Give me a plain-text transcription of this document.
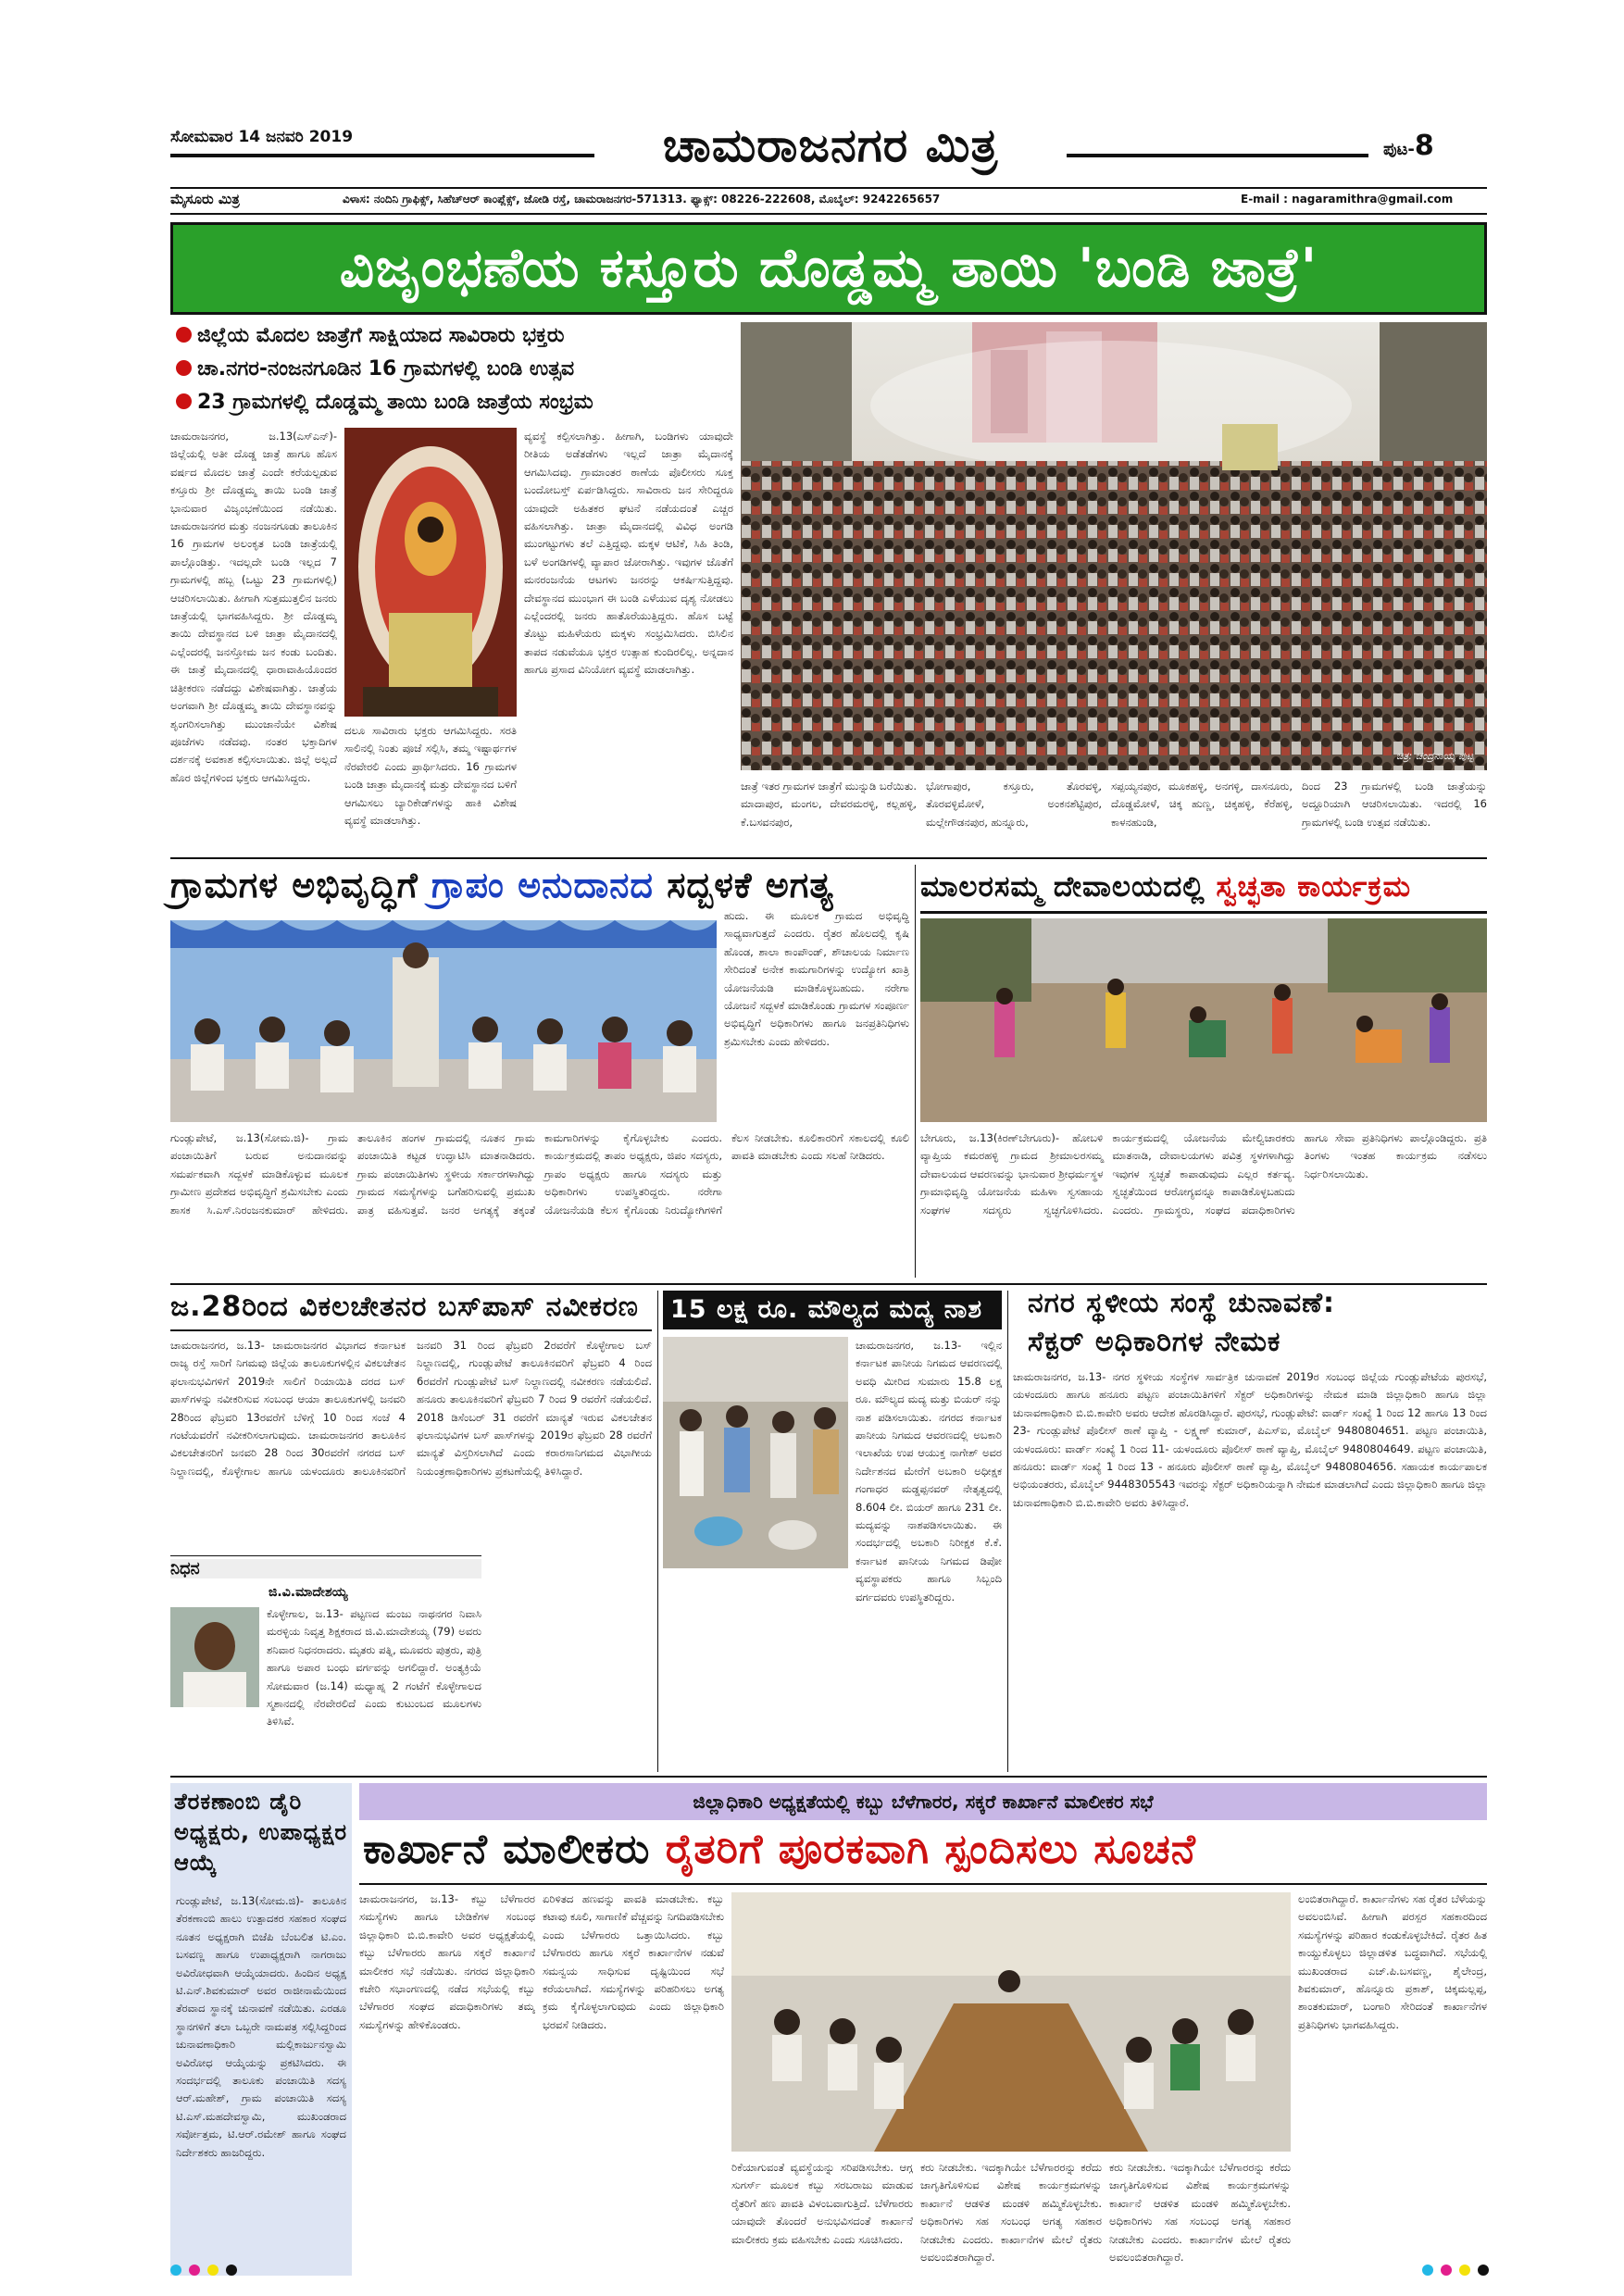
ಸೋಮವಾರ 14 ಜನವರಿ 2019	ಚಾಮರಾಜನಗರ ಮಿತ್ರ	ಪುಟ-8
ಮೈಸೂರು ಮಿತ್ರ	ವಿಳಾಸ: ನಂದಿನಿ ಗ್ರಾಫಿಕ್ಸ್, ಸಿಹೆಚ್‌ಆರ್ ಕಾಂಪ್ಲೆಕ್ಸ್, ಜೋಡಿ ರಸ್ತೆ, ಚಾಮರಾಜನಗರ-571313. ಫ್ಯಾಕ್ಸ್: 08226-222608, ಮೊಬೈಲ್: 9242265657	E-mail : nagaramithra@gmail.com
ವಿಜೃಂಭಣೆಯ ಕಸ್ತೂರು ದೊಡ್ಡಮ್ಮ ತಾಯಿ 'ಬಂಡಿ ಜಾತ್ರೆ'
ಜಿಲ್ಲೆಯ ಮೊದಲ ಜಾತ್ರೆಗೆ ಸಾಕ್ಷಿಯಾದ ಸಾವಿರಾರು ಭಕ್ತರು
ಚಾ.ನಗರ-ನಂಜನಗೂಡಿನ 16 ಗ್ರಾಮಗಳಲ್ಲಿ ಬಂಡಿ ಉತ್ಸವ
23 ಗ್ರಾಮಗಳಲ್ಲಿ ದೊಡ್ಡಮ್ಮ ತಾಯಿ ಬಂಡಿ ಜಾತ್ರೆಯ ಸಂಭ್ರಮ
ಚಿತ್ರ: ಚಂದ್ರನಾಯ್ಕ ಪುಟ್ಟ
ಚಾಮರಾಜನಗರ, ಜ.13(ಎಸ್‌ಎನ್)- ಜಿಲ್ಲೆಯಲ್ಲಿ ಅತೀ ದೊಡ್ಡ ಜಾತ್ರೆ ಹಾಗೂ ಹೊಸ ವರ್ಷದ ಮೊದಲ ಜಾತ್ರೆ ಎಂದೇ ಕರೆಯಲ್ಪಡುವ ಕಸ್ತೂರು ಶ್ರೀ ದೊಡ್ಡಮ್ಮ ತಾಯಿ ಬಂಡಿ ಜಾತ್ರೆ ಭಾನುವಾರ ವಿಜೃಂಭಣೆಯಿಂದ ನಡೆಯಿತು. ಚಾಮರಾಜನಗರ ಮತ್ತು ನಂಜನಗೂಡು ತಾಲೂಕಿನ 16 ಗ್ರಾಮಗಳ ಅಲಂಕೃತ ಬಂಡಿ ಜಾತ್ರೆಯಲ್ಲಿ ಪಾಲ್ಗೊಂಡಿತ್ತು. ಇದಲ್ಲದೇ ಬಂಡಿ ಇಲ್ಲದ 7 ಗ್ರಾಮಗಳಲ್ಲಿ ಹಬ್ಬ (ಒಟ್ಟು 23 ಗ್ರಾಮಗಳಲ್ಲಿ) ಆಚರಿಸಲಾಯಿತು. ಹೀಗಾಗಿ ಸುತ್ತಮುತ್ತಲಿನ ಜನರು ಜಾತ್ರೆಯಲ್ಲಿ ಭಾಗವಹಿಸಿದ್ದರು. ಶ್ರೀ ದೊಡ್ಡಮ್ಮ ತಾಯಿ ದೇವಸ್ಥಾನದ ಬಳಿ ಜಾತ್ರಾ ಮೈದಾನದಲ್ಲಿ ಎಲ್ಲೆಂದರಲ್ಲಿ ಜನಸ್ತೋಮ ಜನ ಕಂಡು ಬಂದಿತು. ಈ ಜಾತ್ರೆ ಮೈದಾನದಲ್ಲಿ ಧಾರಾವಾಹಿಯೊಂದರ ಚಿತ್ರೀಕರಣ ನಡೆದದ್ದು ವಿಶೇಷವಾಗಿತ್ತು. ಜಾತ್ರೆಯ ಅಂಗವಾಗಿ ಶ್ರೀ ದೊಡ್ಡಮ್ಮ ತಾಯಿ ದೇವಸ್ಥಾನವನ್ನು ಶೃಂಗರಿಸಲಾಗಿತ್ತು ಮುಂಜಾನೆಯೇ ವಿಶೇಷ ಪೂಜೆಗಳು ನಡೆದವು. ನಂತರ ಭಕ್ತಾದಿಗಳ ದರ್ಶನಕ್ಕೆ ಅವಕಾಶ ಕಲ್ಪಿಸಲಾಯಿತು. ಜಿಲ್ಲೆ ಅಲ್ಲದೆ ಹೊರ ಜಿಲ್ಲೆಗಳಿಂದ ಭಕ್ತರು ಆಗಮಿಸಿದ್ದರು.
ದಲೂ ಸಾವಿರಾರು ಭಕ್ತರು ಆಗಮಿಸಿದ್ದರು. ಸರತಿ ಸಾಲಿನಲ್ಲಿ ನಿಂತು ಪೂಜೆ ಸಲ್ಲಿಸಿ, ತಮ್ಮ ಇಷ್ಟಾರ್ಥಗಳ ನೆರವೇರಲಿ ಎಂದು ಪ್ರಾರ್ಥಿಸಿದರು. 16 ಗ್ರಾಮಗಳ ಬಂಡಿ ಜಾತ್ರಾ ಮೈದಾನಕ್ಕೆ ಮತ್ತು ದೇವಸ್ಥಾನದ ಬಳಿಗೆ ಆಗಮಿಸಲು ಬ್ಯಾರಿಕೇಡ್‌ಗಳನ್ನು ಹಾಕಿ ವಿಶೇಷ ವ್ಯವಸ್ಥೆ ಮಾಡಲಾಗಿತ್ತು.
ವ್ಯವಸ್ಥೆ ಕಲ್ಪಿಸಲಾಗಿತ್ತು. ಹೀಗಾಗಿ, ಬಂಡಿಗಳು ಯಾವುದೇ ರೀತಿಯ ಅಡೆತಡೆಗಳು ಇಲ್ಲದೆ ಜಾತ್ರಾ ಮೈದಾನಕ್ಕೆ ಆಗಮಿಸಿದವು. ಗ್ರಾಮಾಂತರ ಠಾಣೆಯ ಪೊಲೀಸರು ಸೂಕ್ತ ಬಂದೋಬಸ್ತ್ ಏರ್ಪಡಿಸಿದ್ದರು. ಸಾವಿರಾರು ಜನ ಸೇರಿದ್ದರೂ ಯಾವುದೇ ಅಹಿತಕರ ಘಟನೆ ನಡೆಯದಂತೆ ಎಚ್ಚರ ವಹಿಸಲಾಗಿತ್ತು. ಜಾತ್ರಾ ಮೈದಾನದಲ್ಲಿ ವಿವಿಧ ಅಂಗಡಿ ಮುಂಗಟ್ಟುಗಳು ತಲೆ ಎತ್ತಿದ್ದವು. ಮಕ್ಕಳ ಆಟಿಕೆ, ಸಿಹಿ ತಿಂಡಿ, ಬಳೆ ಅಂಗಡಿಗಳಲ್ಲಿ ವ್ಯಾಪಾರ ಜೋರಾಗಿತ್ತು. ಇವುಗಳ ಜೊತೆಗೆ ಮನರಂಜನೆಯ ಆಟಗಳು ಜನರನ್ನು ಆಕರ್ಷಿಸುತ್ತಿದ್ದವು. ದೇವಸ್ಥಾನದ ಮುಂಭಾಗ ಈ ಬಂಡಿ ಎಳೆಯುವ ದೃಶ್ಯ ನೋಡಲು ಎಲ್ಲೆಂದರಲ್ಲಿ ಜನರು ಹಾತೊರೆಯುತ್ತಿದ್ದರು. ಹೊಸ ಬಟ್ಟೆ ತೊಟ್ಟು ಮಹಿಳೆಯರು ಮಕ್ಕಳು ಸಂಭ್ರಮಿಸಿದರು. ಬಿಸಿಲಿನ ತಾಪದ ನಡುವೆಯೂ ಭಕ್ತರ ಉತ್ಸಾಹ ಕುಂದಿರಲಿಲ್ಲ. ಅನ್ನದಾನ ಹಾಗೂ ಪ್ರಸಾದ ವಿನಿಯೋಗ ವ್ಯವಸ್ಥೆ ಮಾಡಲಾಗಿತ್ತು.
ಜಾತ್ರೆ ಇತರ ಗ್ರಾಮಗಳ ಜಾತ್ರೆಗೆ ಮುನ್ನುಡಿ ಬರೆಯಿತು. ಮಾದಾಪುರ, ಮಂಗಲ, ದೇವರಮರಳ್ಳಿ, ಕಲ್ಲಹಳ್ಳಿ, ಕೆ.ಬಸವನಪುರ,
ಭೋಗಾಪುರ, ಕಸ್ತೂರು, ತೊರವಳ್ಳಿ, ತೊರವಳ್ಳಿಮೋಳೆ, ಅಂಕನಶೆಟ್ಟಿಪುರ, ಮಲ್ಲೇಗೌಡನಪುರ, ಹುನ್ನೂರು,
ಸಪ್ಪಯ್ಯನಪುರ, ಮೂಕಹಳ್ಳಿ, ಅನಗಳ್ಳಿ, ದಾಸನೂರು, ದೊಡ್ಡಮೋಳೆ, ಚಿಕ್ಕ ಹುಣ್ಣ, ಚಿಕ್ಕಹಳ್ಳಿ, ಕೆರೆಹಳ್ಳಿ, ಕಾಳನಹುಂಡಿ,
ದಿಂದ 23 ಗ್ರಾಮಗಳಲ್ಲಿ ಬಂಡಿ ಜಾತ್ರೆಯನ್ನು ಅದ್ದೂರಿಯಾಗಿ ಆಚರಿಸಲಾಯಿತು. ಇದರಲ್ಲಿ 16 ಗ್ರಾಮಗಳಲ್ಲಿ ಬಂಡಿ ಉತ್ಸವ ನಡೆಯಿತು.
ಗ್ರಾಮಗಳ ಅಭಿವೃದ್ಧಿಗೆ ಗ್ರಾಪಂ ಅನುದಾನದ ಸದ್ಬಳಕೆ ಅಗತ್ಯ
ಹುದು. ಈ ಮೂಲಕ ಗ್ರಾಮದ ಅಭಿವೃದ್ಧಿ ಸಾಧ್ಯವಾಗುತ್ತದೆ ಎಂದರು. ರೈತರ ಹೊಲದಲ್ಲಿ ಕೃಷಿ ಹೊಂಡ, ಶಾಲಾ ಕಾಂಪೌಂಡ್, ಶೌಚಾಲಯ ನಿರ್ಮಾಣ ಸೇರಿದಂತೆ ಅನೇಕ ಕಾಮಗಾರಿಗಳನ್ನು ಉದ್ಯೋಗ ಖಾತ್ರಿ ಯೋಜನೆಯಡಿ ಮಾಡಿಕೊಳ್ಳಬಹುದು. ನರೇಗಾ ಯೋಜನೆ ಸದ್ಬಳಕೆ ಮಾಡಿಕೊಂಡು ಗ್ರಾಮಗಳ ಸಂಪೂರ್ಣ ಅಭಿವೃದ್ಧಿಗೆ ಅಧಿಕಾರಿಗಳು ಹಾಗೂ ಜನಪ್ರತಿನಿಧಿಗಳು ಶ್ರಮಿಸಬೇಕು ಎಂದು ಹೇಳಿದರು.
ಗುಂಡ್ಲುಪೇಟೆ, ಜ.13(ಸೋಮ.ಜಿ)- ಗ್ರಾಮ ಪಂಚಾಯಿತಿಗೆ ಬರುವ ಅನುದಾನವನ್ನು ಸಮರ್ಪಕವಾಗಿ ಸದ್ಬಳಕೆ ಮಾಡಿಕೊಳ್ಳುವ ಮೂಲಕ ಗ್ರಾಮೀಣ ಪ್ರದೇಶದ ಅಭಿವೃದ್ಧಿಗೆ ಶ್ರಮಿಸಬೇಕು ಎಂದು ಶಾಸಕ ಸಿ.ಎಸ್.ನಿರಂಜನಕುಮಾರ್ ಹೇಳಿದರು. ತಾಲೂಕಿನ ಹಂಗಳ ಗ್ರಾಮದಲ್ಲಿ ನೂತನ ಗ್ರಾಮ ಪಂಚಾಯಿತಿ ಕಟ್ಟಡ ಉದ್ಘಾಟಿಸಿ ಮಾತನಾಡಿದರು. ಗ್ರಾಮ ಪಂಚಾಯಿತಿಗಳು ಸ್ಥಳೀಯ ಸರ್ಕಾರಗಳಾಗಿದ್ದು ಗ್ರಾಮದ ಸಮಸ್ಯೆಗಳನ್ನು ಬಗೆಹರಿಸುವಲ್ಲಿ ಪ್ರಮುಖ ಪಾತ್ರ ವಹಿಸುತ್ತವೆ. ಜನರ ಅಗತ್ಯಕ್ಕೆ ತಕ್ಕಂತೆ ಕಾಮಗಾರಿಗಳನ್ನು ಕೈಗೊಳ್ಳಬೇಕು ಎಂದರು. ಕಾರ್ಯಕ್ರಮದಲ್ಲಿ ತಾಪಂ ಅಧ್ಯಕ್ಷರು, ಜಿಪಂ ಸದಸ್ಯರು, ಗ್ರಾಪಂ ಅಧ್ಯಕ್ಷರು ಹಾಗೂ ಸದಸ್ಯರು ಮತ್ತು ಅಧಿಕಾರಿಗಳು ಉಪಸ್ಥಿತರಿದ್ದರು. ನರೇಗಾ ಯೋಜನೆಯಡಿ ಕೆಲಸ ಕೈಗೊಂಡು ನಿರುದ್ಯೋಗಿಗಳಿಗೆ ಕೆಲಸ ನೀಡಬೇಕು. ಕೂಲಿಕಾರರಿಗೆ ಸಕಾಲದಲ್ಲಿ ಕೂಲಿ ಪಾವತಿ ಮಾಡಬೇಕು ಎಂದು ಸಲಹೆ ನೀಡಿದರು.
ಮಾಲರಸಮ್ಮ ದೇವಾಲಯದಲ್ಲಿ ಸ್ವಚ್ಛತಾ ಕಾರ್ಯಕ್ರಮ
ಬೇಗೂರು, ಜ.13(ಕಿರಣ್‌ಬೇಗೂರು)- ಹೋಬಳಿ ವ್ಯಾಪ್ತಿಯ ಕಮರಹಳ್ಳಿ ಗ್ರಾಮದ ಶ್ರೀಮಾಲರಸಮ್ಮ ದೇವಾಲಯದ ಆವರಣವನ್ನು ಭಾನುವಾರ ಶ್ರೀಧರ್ಮಸ್ಥಳ ಗ್ರಾಮಾಭಿವೃದ್ಧಿ ಯೋಜನೆಯ ಮಹಿಳಾ ಸ್ವಸಹಾಯ ಸಂಘಗಳ ಸದಸ್ಯರು ಸ್ವಚ್ಛಗೊಳಿಸಿದರು. ಕಾರ್ಯಕ್ರಮದಲ್ಲಿ ಯೋಜನೆಯ ಮೇಲ್ವಿಚಾರಕರು ಮಾತನಾಡಿ, ದೇವಾಲಯಗಳು ಪವಿತ್ರ ಸ್ಥಳಗಳಾಗಿದ್ದು ಇವುಗಳ ಸ್ವಚ್ಛತೆ ಕಾಪಾಡುವುದು ಎಲ್ಲರ ಕರ್ತವ್ಯ. ಸ್ವಚ್ಛತೆಯಿಂದ ಆರೋಗ್ಯವನ್ನೂ ಕಾಪಾಡಿಕೊಳ್ಳಬಹುದು ಎಂದರು. ಗ್ರಾಮಸ್ಥರು, ಸಂಘದ ಪದಾಧಿಕಾರಿಗಳು ಹಾಗೂ ಸೇವಾ ಪ್ರತಿನಿಧಿಗಳು ಪಾಲ್ಗೊಂಡಿದ್ದರು. ಪ್ರತಿ ತಿಂಗಳು ಇಂತಹ ಕಾರ್ಯಕ್ರಮ ನಡೆಸಲು ನಿರ್ಧರಿಸಲಾಯಿತು.
ಜ.28ರಿಂದ ವಿಕಲಚೇತನರ ಬಸ್‌ಪಾಸ್ ನವೀಕರಣ
ಚಾಮರಾಜನಗರ, ಜ.13- ಚಾಮರಾಜನಗರ ವಿಭಾಗದ ಕರ್ನಾಟಕ ರಾಜ್ಯ ರಸ್ತೆ ಸಾರಿಗೆ ನಿಗಮವು ಜಿಲ್ಲೆಯ ತಾಲೂಕುಗಳಲ್ಲಿನ ವಿಕಲಚೇತನ ಫಲಾನುಭವಿಗಳಿಗೆ 2019ನೇ ಸಾಲಿಗೆ ರಿಯಾಯಿತಿ ದರದ ಬಸ್ ಪಾಸ್‌ಗಳನ್ನು ನವೀಕರಿಸುವ ಸಂಬಂಧ ಆಯಾ ತಾಲೂಕುಗಳಲ್ಲಿ ಜನವರಿ 28ರಿಂದ ಫೆಬ್ರವರಿ 13ರವರೆಗೆ ಬೆಳಿಗ್ಗೆ 10 ರಿಂದ ಸಂಜೆ 4 ಗಂಟೆಯವರೆಗೆ ನವೀಕರಿಸಲಾಗುವುದು. ಚಾಮರಾಜನಗರ ತಾಲೂಕಿನ ವಿಕಲಚೇತನರಿಗೆ ಜನವರಿ 28 ರಿಂದ 30ರವರೆಗೆ ನಗರದ ಬಸ್ ನಿಲ್ದಾಣದಲ್ಲಿ, ಕೊಳ್ಳೇಗಾಲ ಹಾಗೂ ಯಳಂದೂರು ತಾಲೂಕಿನವರಿಗೆ ಜನವರಿ 31 ರಿಂದ ಫೆಬ್ರವರಿ 2ರವರೆಗೆ ಕೊಳ್ಳೇಗಾಲ ಬಸ್ ನಿಲ್ದಾಣದಲ್ಲಿ, ಗುಂಡ್ಲುಪೇಟೆ ತಾಲೂಕಿನವರಿಗೆ ಫೆಬ್ರವರಿ 4 ರಿಂದ 6ರವರೆಗೆ ಗುಂಡ್ಲುಪೇಟೆ ಬಸ್ ನಿಲ್ದಾಣದಲ್ಲಿ ನವೀಕರಣ ನಡೆಯಲಿದೆ. ಹನೂರು ತಾಲೂಕಿನವರಿಗೆ ಫೆಬ್ರವರಿ 7 ರಿಂದ 9 ರವರೆಗೆ ನಡೆಯಲಿದೆ. 2018 ಡಿಸೆಂಬರ್ 31 ರವರೆಗೆ ಮಾನ್ಯತೆ ಇರುವ ವಿಕಲಚೇತನ ಫಲಾನುಭವಿಗಳ ಬಸ್ ಪಾಸ್‌ಗಳನ್ನು 2019ರ ಫೆಬ್ರವರಿ 28 ರವರೆಗೆ ಮಾನ್ಯತೆ ವಿಸ್ತರಿಸಲಾಗಿದೆ ಎಂದು ಕರಾರಸಾನಿಗಮದ ವಿಭಾಗೀಯ ನಿಯಂತ್ರಣಾಧಿಕಾರಿಗಳು ಪ್ರಕಟಣೆಯಲ್ಲಿ ತಿಳಿಸಿದ್ದಾರೆ.
ನಿಧನ
ಜಿ.ವಿ.ಮಾದೇಶಯ್ಯ
ಕೊಳ್ಳೇಗಾಲ, ಜ.13- ಪಟ್ಟಣದ ಮಂಜು ನಾಥನಗರ ನಿವಾಸಿ ಮರಳ್ಳಿಯ ನಿವೃತ್ತ ಶಿಕ್ಷಕರಾದ ಜಿ.ವಿ.ಮಾದೇಶಯ್ಯ (79) ಅವರು ಶನಿವಾರ ನಿಧನರಾದರು. ಮೃತರು ಪತ್ನಿ, ಮೂವರು ಪುತ್ರರು, ಪುತ್ರಿ ಹಾಗೂ ಅಪಾರ ಬಂಧು ವರ್ಗವನ್ನು ಅಗಲಿದ್ದಾರೆ. ಅಂತ್ಯಕ್ರಿಯೆ ಸೋಮವಾರ (ಜ.14) ಮಧ್ಯಾಹ್ನ 2 ಗಂಟೆಗೆ ಕೊಳ್ಳೇಗಾಲದ ಸ್ಮಶಾನದಲ್ಲಿ ನೆರವೇರಲಿದೆ ಎಂದು ಕುಟುಂಬದ ಮೂಲಗಳು ತಿಳಿಸಿವೆ.
15 ಲಕ್ಷ ರೂ. ಮೌಲ್ಯದ ಮದ್ಯ ನಾಶ
ಚಾಮರಾಜನಗರ, ಜ.13- ಇಲ್ಲಿನ ಕರ್ನಾಟಕ ಪಾನೀಯ ನಿಗಮದ ಆವರಣದಲ್ಲಿ ಅವಧಿ ಮೀರಿದ ಸುಮಾರು 15.8 ಲಕ್ಷ ರೂ. ಮೌಲ್ಯದ ಮದ್ಯ ಮತ್ತು ಬಿಯರ್ ನನ್ನು ನಾಶ ಪಡಿಸಲಾಯಿತು. ನಗರದ ಕರ್ನಾಟಕ ಪಾನೀಯ ನಿಗಮದ ಆವರಣದಲ್ಲಿ ಅಬಕಾರಿ ಇಲಾಖೆಯ ಉಪ ಆಯುಕ್ತ ನಾಗೇಶ್ ಅವರ ನಿರ್ದೇಶನದ ಮೇರೆಗೆ ಅಬಕಾರಿ ಅಧೀಕ್ಷಕ ಗಂಗಾಧರ ಮಡ್ಡಪ್ಪನವರ್ ನೇತೃತ್ವದಲ್ಲಿ 8.604 ಲೀ. ಬಿಯರ್ ಹಾಗೂ 231 ಲೀ. ಮದ್ಯವನ್ನು ನಾಶಪಡಿಸಲಾಯಿತು. ಈ ಸಂದರ್ಭದಲ್ಲಿ ಅಬಕಾರಿ ನಿರೀಕ್ಷಕ ಕೆ.ಕೆ. ಕರ್ನಾಟಕ ಪಾನೀಯ ನಿಗಮದ ಡಿಪೋ ವ್ಯವಸ್ಥಾಪಕರು ಹಾಗೂ ಸಿಬ್ಬಂದಿ ವರ್ಗದವರು ಉಪಸ್ಥಿತರಿದ್ದರು.
ನಗರ ಸ್ಥಳೀಯ ಸಂಸ್ಥೆ ಚುನಾವಣೆ:
ಸೆಕ್ಟರ್ ಅಧಿಕಾರಿಗಳ ನೇಮಕ
ಚಾಮರಾಜನಗರ, ಜ.13- ನಗರ ಸ್ಥಳೀಯ ಸಂಸ್ಥೆಗಳ ಸಾರ್ವತ್ರಿಕ ಚುನಾವಣೆ 2019ರ ಸಂಬಂಧ ಜಿಲ್ಲೆಯ ಗುಂಡ್ಲುಪೇಟೆಯ ಪುರಸಭೆ, ಯಳಂದೂರು ಹಾಗೂ ಹನೂರು ಪಟ್ಟಣ ಪಂಚಾಯಿತಿಗಳಿಗೆ ಸೆಕ್ಟರ್ ಅಧಿಕಾರಿಗಳನ್ನು ನೇಮಕ ಮಾಡಿ ಜಿಲ್ಲಾಧಿಕಾರಿ ಹಾಗೂ ಜಿಲ್ಲಾ ಚುನಾವಣಾಧಿಕಾರಿ ಬಿ.ಬಿ.ಕಾವೇರಿ ಅವರು ಆದೇಶ ಹೊರಡಿಸಿದ್ದಾರೆ. ಪುರಸಭೆ, ಗುಂಡ್ಲುಪೇಟೆ: ವಾರ್ಡ್ ಸಂಖ್ಯೆ 1 ರಿಂದ 12 ಹಾಗೂ 13 ರಿಂದ 23- ಗುಂಡ್ಲುಪೇಟೆ ಪೊಲೀಸ್ ಠಾಣೆ ವ್ಯಾಪ್ತಿ - ಲಕ್ಷ್ಮಣ್ ಕುಮಾರ್, ಪಿಎಸ್‌ಐ, ಮೊಬೈಲ್ 9480804651. ಪಟ್ಟಣ ಪಂಚಾಯಿತಿ, ಯಳಂದೂರು: ವಾರ್ಡ್ ಸಂಖ್ಯೆ 1 ರಿಂದ 11- ಯಳಂದೂರು ಪೊಲೀಸ್ ಠಾಣೆ ವ್ಯಾಪ್ತಿ, ಮೊಬೈಲ್ 9480804649. ಪಟ್ಟಣ ಪಂಚಾಯಿತಿ, ಹನೂರು: ವಾರ್ಡ್ ಸಂಖ್ಯೆ 1 ರಿಂದ 13 - ಹನೂರು ಪೊಲೀಸ್ ಠಾಣೆ ವ್ಯಾಪ್ತಿ, ಮೊಬೈಲ್ 9480804656. ಸಹಾಯಕ ಕಾರ್ಯಪಾಲಕ ಅಭಿಯಂತರರು, ಮೊಬೈಲ್ 9448305543 ಇವರನ್ನು ಸೆಕ್ಟರ್ ಅಧಿಕಾರಿಯನ್ನಾಗಿ ನೇಮಕ ಮಾಡಲಾಗಿದೆ ಎಂದು ಜಿಲ್ಲಾಧಿಕಾರಿ ಹಾಗೂ ಜಿಲ್ಲಾ ಚುನಾವಣಾಧಿಕಾರಿ ಬಿ.ಬಿ.ಕಾವೇರಿ ಅವರು ತಿಳಿಸಿದ್ದಾರೆ.
ತೆರಕಣಾಂಬಿ ಡೈರಿ ಅಧ್ಯಕ್ಷರು, ಉಪಾಧ್ಯಕ್ಷರ ಆಯ್ಕೆ
ಗುಂಡ್ಲುಪೇಟೆ, ಜ.13(ಸೋಮ.ಜಿ)- ತಾಲೂಕಿನ ತೆರಕಣಾಂಬಿ ಹಾಲು ಉತ್ಪಾದಕರ ಸಹಕಾರ ಸಂಘದ ನೂತನ ಅಧ್ಯಕ್ಷರಾಗಿ ಬಿಜೆಪಿ ಬೆಂಬಲಿತ ಟಿ.ಎಂ. ಬಸವಣ್ಣ ಹಾಗೂ ಉಪಾಧ್ಯಕ್ಷರಾಗಿ ನಾಗರಾಜು ಅವಿರೋಧವಾಗಿ ಆಯ್ಕೆಯಾದರು. ಹಿಂದಿನ ಅಧ್ಯಕ್ಷ ಟಿ.ಎನ್.ಶಿವಕುಮಾರ್ ಅವರ ರಾಜೀನಾಮೆಯಿಂದ ತೆರವಾದ ಸ್ಥಾನಕ್ಕೆ ಚುನಾವಣೆ ನಡೆಯಿತು. ಎರಡೂ ಸ್ಥಾನಗಳಿಗೆ ತಲಾ ಒಬ್ಬರೇ ನಾಮಪತ್ರ ಸಲ್ಲಿಸಿದ್ದರಿಂದ ಚುನಾವಣಾಧಿಕಾರಿ ಮಲ್ಲಿಕಾರ್ಜುನಸ್ವಾಮಿ ಅವಿರೋಧ ಆಯ್ಕೆಯನ್ನು ಪ್ರಕಟಿಸಿದರು. ಈ ಸಂದರ್ಭದಲ್ಲಿ ತಾಲೂಕು ಪಂಚಾಯಿತಿ ಸದಸ್ಯ ಆರ್.ಮಹೇಶ್, ಗ್ರಾಮ ಪಂಚಾಯಿತಿ ಸದಸ್ಯ ಟಿ.ಎಸ್.ಮಹದೇವಸ್ವಾಮಿ, ಮುಖಂಡರಾದ ಸರ್ವೋತ್ತಮ, ಟಿ.ಆರ್.ರಮೇಶ್ ಹಾಗೂ ಸಂಘದ ನಿರ್ದೇಶಕರು ಹಾಜರಿದ್ದರು.
ಜಿಲ್ಲಾಧಿಕಾರಿ ಅಧ್ಯಕ್ಷತೆಯಲ್ಲಿ ಕಬ್ಬು ಬೆಳೆಗಾರರ, ಸಕ್ಕರೆ ಕಾರ್ಖಾನೆ ಮಾಲೀಕರ ಸಭೆ
ಕಾರ್ಖಾನೆ ಮಾಲೀಕರು ರೈತರಿಗೆ ಪೂರಕವಾಗಿ ಸ್ಪಂದಿಸಲು ಸೂಚನೆ
ಚಾಮರಾಜನಗರ, ಜ.13- ಕಬ್ಬು ಬೆಳೆಗಾರರ ಸಮಸ್ಯೆಗಳು ಹಾಗೂ ಬೇಡಿಕೆಗಳ ಸಂಬಂಧ ಜಿಲ್ಲಾಧಿಕಾರಿ ಬಿ.ಬಿ.ಕಾವೇರಿ ಅವರ ಅಧ್ಯಕ್ಷತೆಯಲ್ಲಿ ಕಬ್ಬು ಬೆಳೆಗಾರರು ಹಾಗೂ ಸಕ್ಕರೆ ಕಾರ್ಖಾನೆ ಮಾಲೀಕರ ಸಭೆ ನಡೆಯಿತು. ನಗರದ ಜಿಲ್ಲಾಧಿಕಾರಿ ಕಚೇರಿ ಸಭಾಂಗಣದಲ್ಲಿ ನಡೆದ ಸಭೆಯಲ್ಲಿ ಕಬ್ಬು ಬೆಳೆಗಾರರ ಸಂಘದ ಪದಾಧಿಕಾರಿಗಳು ತಮ್ಮ ಸಮಸ್ಯೆಗಳನ್ನು ಹೇಳಿಕೊಂಡರು.
ಏರಿಳಿತದ ಹಣವನ್ನು ಪಾವತಿ ಮಾಡಬೇಕು. ಕಬ್ಬು ಕಟಾವು ಕೂಲಿ, ಸಾಗಾಣಿಕೆ ವೆಚ್ಚವನ್ನು ನಿಗದಿಪಡಿಸಬೇಕು ಎಂದು ಬೆಳೆಗಾರರು ಒತ್ತಾಯಿಸಿದರು. ಕಬ್ಬು ಬೆಳೆಗಾರರು ಹಾಗೂ ಸಕ್ಕರೆ ಕಾರ್ಖಾನೆಗಳ ನಡುವೆ ಸಮನ್ವಯ ಸಾಧಿಸುವ ದೃಷ್ಟಿಯಿಂದ ಸಭೆ ಕರೆಯಲಾಗಿದೆ. ಸಮಸ್ಯೆಗಳನ್ನು ಪರಿಹರಿಸಲು ಅಗತ್ಯ ಕ್ರಮ ಕೈಗೊಳ್ಳಲಾಗುವುದು ಎಂದು ಜಿಲ್ಲಾಧಿಕಾರಿ ಭರವಸೆ ನೀಡಿದರು.
ರಿಕೆಯಾಗುವಂತೆ ವ್ಯವಸ್ಥೆಯನ್ನು ಸರಿಪಡಿಸಬೇಕು. ಆಗ್ಗ ಸುಗರ್ಸ್ ಮೂಲಕ ಕಬ್ಬು ಸರಬರಾಜು ಮಾಡುವ ರೈತರಿಗೆ ಹಣ ಪಾವತಿ ವಿಳಂಬವಾಗುತ್ತಿದೆ. ಬೆಳೆಗಾರರು ಯಾವುದೇ ತೊಂದರೆ ಅನುಭವಿಸದಂತೆ ಕಾರ್ಖಾನೆ ಮಾಲೀಕರು ಕ್ರಮ ವಹಿಸಬೇಕು ಎಂದು ಸೂಚಿಸಿದರು.
ಕರು ನೀಡಬೇಕು. ಇದಕ್ಕಾಗಿಯೇ ಬೆಳೆಗಾರರನ್ನು ಕರೆದು ಜಾಗೃತಿಗೊಳಿಸುವ ವಿಶೇಷ ಕಾರ್ಯಕ್ರಮಗಳನ್ನು ಕಾರ್ಖಾನೆ ಆಡಳಿತ ಮಂಡಳಿ ಹಮ್ಮಿಕೊಳ್ಳಬೇಕು. ಅಧಿಕಾರಿಗಳು ಸಹ ಸಂಬಂಧ ಅಗತ್ಯ ಸಹಕಾರ ನೀಡಬೇಕು ಎಂದರು. ಕಾರ್ಖಾನೆಗಳ ಮೇಲೆ ರೈತರು ಅವಲಂಬಿತರಾಗಿದ್ದಾರೆ.
ಲಂಬಿತರಾಗಿದ್ದಾರೆ. ಕಾರ್ಖಾನೆಗಳು ಸಹ ರೈತರ ಬೆಳೆಯನ್ನು ಅವಲಂಬಿಸಿವೆ. ಹೀಗಾಗಿ ಪರಸ್ಪರ ಸಹಕಾರದಿಂದ ಸಮಸ್ಯೆಗಳನ್ನು ಪರಿಹಾರ ಕಂಡುಕೊಳ್ಳಬೇಕಿದೆ. ರೈತರ ಹಿತ ಕಾಯ್ದುಕೊಳ್ಳಲು ಜಿಲ್ಲಾಡಳಿತ ಬದ್ಧವಾಗಿದೆ. ಸಭೆಯಲ್ಲಿ ಮುಖಂಡರಾದ ಎಚ್.ಪಿ.ಬಸವಣ್ಣ, ಶೈಲೇಂದ್ರ, ಶಿವಕುಮಾರ್, ಹೊನ್ನೂರು ಪ್ರಕಾಶ್, ಚಿಕ್ಕಮಲ್ಲಪ್ಪ, ಶಾಂತಕುಮಾರ್, ಬಂಗಾರಿ ಸೇರಿದಂತೆ ಕಾರ್ಖಾನೆಗಳ ಪ್ರತಿನಿಧಿಗಳು ಭಾಗವಹಿಸಿದ್ದರು.
ಕರು ನೀಡಬೇಕು. ಇದಕ್ಕಾಗಿಯೇ ಬೆಳೆಗಾರರನ್ನು ಕರೆದು ಜಾಗೃತಿಗೊಳಿಸುವ ವಿಶೇಷ ಕಾರ್ಯಕ್ರಮಗಳನ್ನು ಕಾರ್ಖಾನೆ ಆಡಳಿತ ಮಂಡಳಿ ಹಮ್ಮಿಕೊಳ್ಳಬೇಕು. ಅಧಿಕಾರಿಗಳು ಸಹ ಸಂಬಂಧ ಅಗತ್ಯ ಸಹಕಾರ ನೀಡಬೇಕು ಎಂದರು. ಕಾರ್ಖಾನೆಗಳ ಮೇಲೆ ರೈತರು ಅವಲಂಬಿತರಾಗಿದ್ದಾರೆ.
